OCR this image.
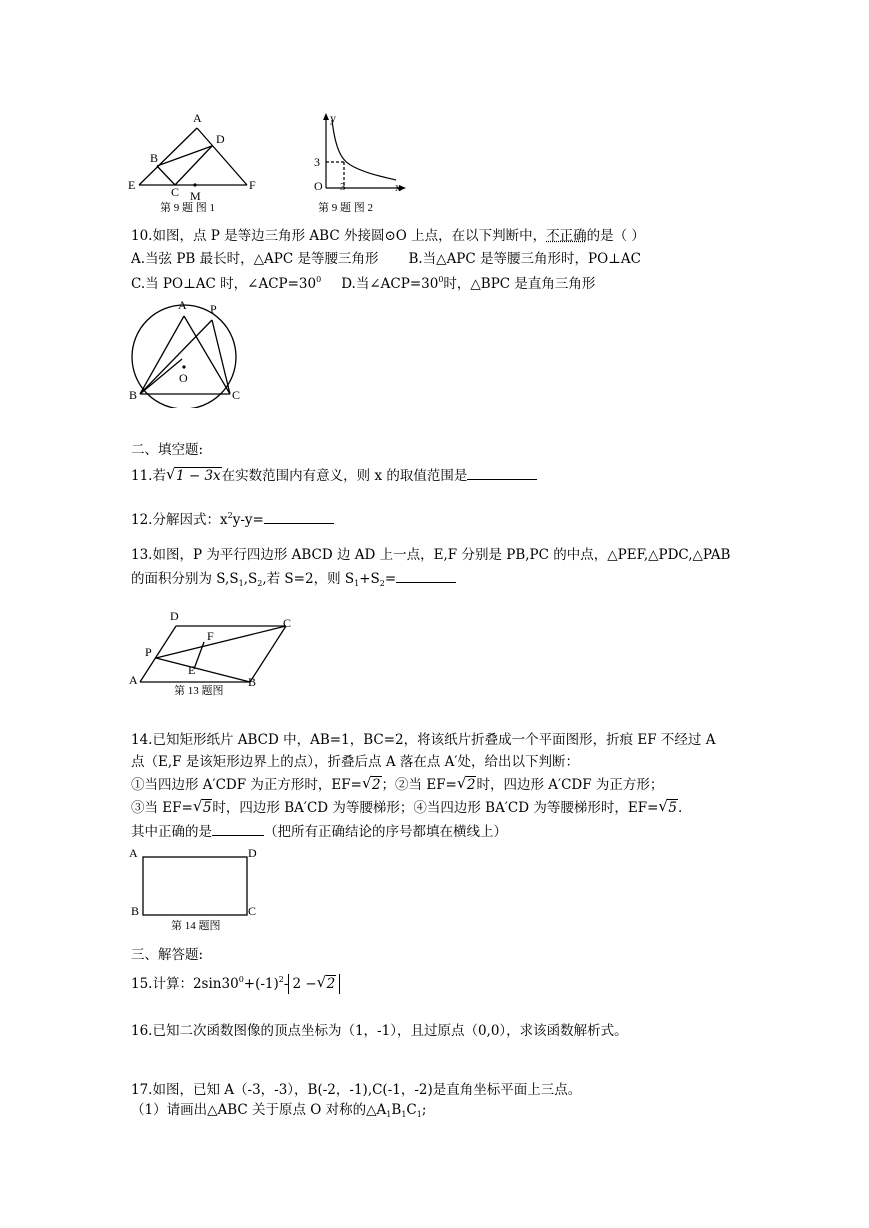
A
D
B
E	C M
F
第 9 题 图 1
y
x
3
3
O
第 9 题 图 2
10.如图，点 P 是等边三角形 ABC 外接圆⊙O 上点，在以下判断中，不正确的是（ ）
A.当弦 PB 最长时，△APC 是等腰三角形 B.当△APC 是等腰三角形时，PO⊥AC
C.当 PO⊥AC 时，$\angle ACP=30^0$ D.当$\angle ACP=30^0$时，△BPC 是直角三角形
A P
O
B	C
二、填空题:
11.若 √ 1 − 3x在实数范围内有意义，则 x 的取值范围是
12.分解因式：$x^2y-y=$
13.如图，P 为平行四边形 ABCD 边 AD 上一点，E,F 分别是 PB,PC 的中点，△PEF,△PDC,△PAB
的面积分别为 $S,S_1,S_2$,若 S=2，则 $S_1+S_2=$
D	C
F
P
E
A	B
第 13 题图
14.已知矩形纸片 ABCD 中，AB=1，BC=2，将该纸片折叠成一个平面图形，折痕 EF 不经过 A
点（E,F 是该矩形边界上的点），折叠后点 A 落在点 A′处，给出以下判断：
①当四边形 A′CDF 为正方形时，EF= √ 2；②当 EF= √ 2时，四边形 A′CDF 为正方形；
③当 EF= √ 5时，四边形 BA′CD 为等腰梯形；④当四边形 BA′CD 为等腰梯形时，EF= √ 5.
其中正确的是	（把所有正确结论的序号都填在横线上）
A	D
B	C
第 14 题图
三、解答题:
15.计算：$2\sin 30^0+(-1)^2-$ 2 − √ 2
16.已知二次函数图像的顶点坐标为（1，-1），且过原点（0,0），求该函数解析式。
17.如图，已知 A（-3，-3），B(-2，-1),C(-1，-2)是直角坐标平面上三点。
（1）请画出△ABC 关于原点 O 对称的$\triangle A_1B_1C_1$;
